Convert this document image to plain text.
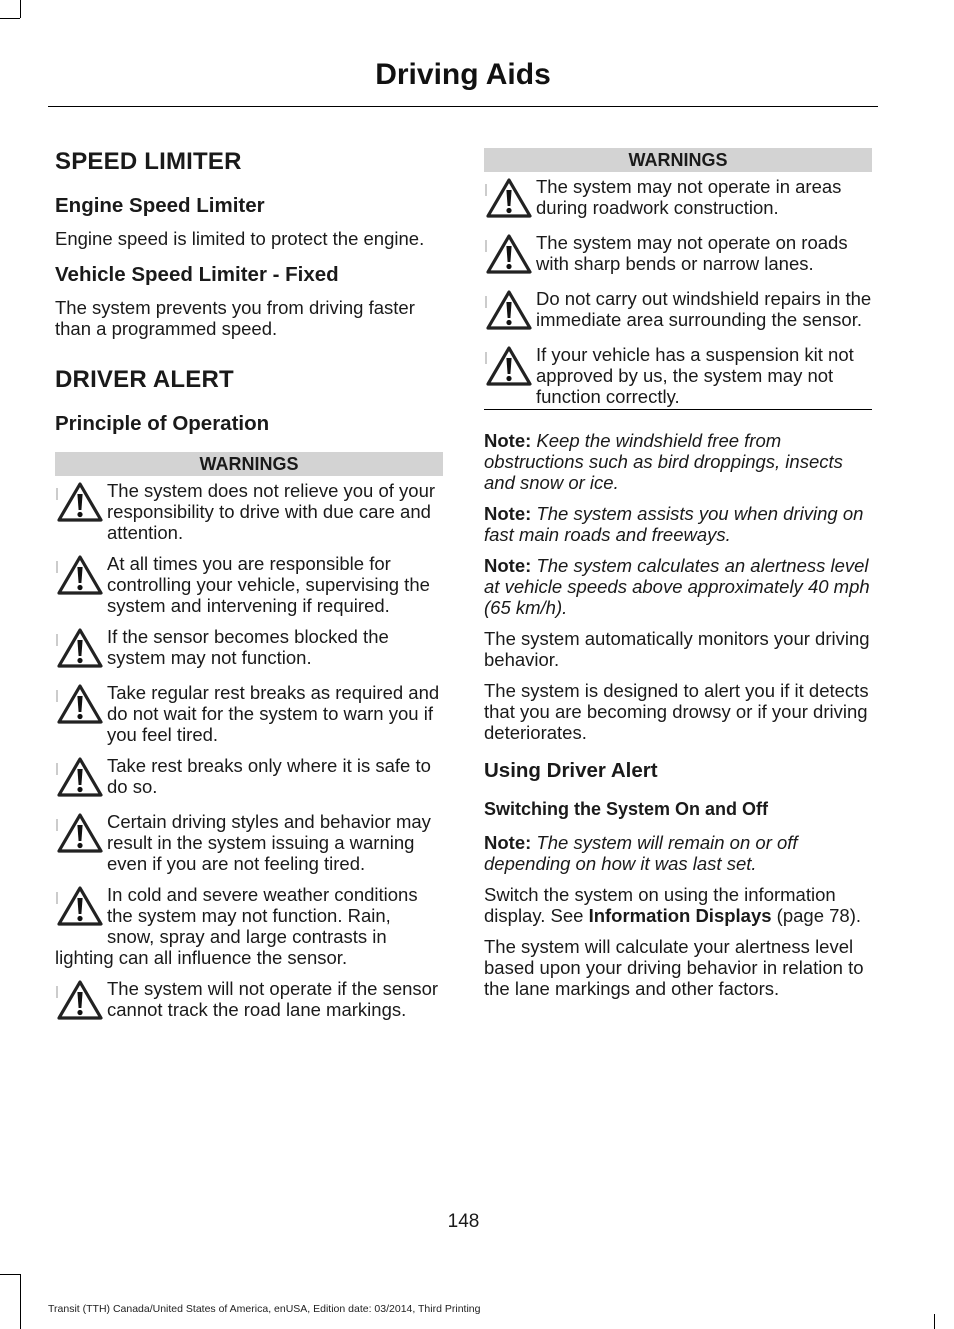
Driving Aids
SPEED LIMITER
Engine Speed Limiter

Engine speed is limited to protect the engine.

Vehicle Speed Limiter - Fixed

The system prevents you from driving faster than a programmed speed.

DRIVER ALERT
Principle of Operation
WARNINGS
The system does not relieve you of your responsibility to drive with due care and attention.
At all times you are responsible for controlling your vehicle, supervising the system and intervening if required.
If the sensor becomes blocked the system may not function.
Take regular rest breaks as required and do not wait for the system to warn you if you feel tired.
Take rest breaks only where it is safe to do so.
Certain driving styles and behavior may result in the system issuing a warning even if you are not feeling tired.
In cold and severe weather conditions the system may not function. Rain, snow, spray and large contrasts in lighting can all influence the sensor.
The system will not operate if the sensor cannot track the road lane markings.
WARNINGS
The system may not operate in areas during roadwork construction.
The system may not operate on roads with sharp bends or narrow lanes.
Do not carry out windshield repairs in the immediate area surrounding the sensor.
If your vehicle has a suspension kit not approved by us, the system may not function correctly.

Note: Keep the windshield free from obstructions such as bird droppings, insects and snow or ice.

Note: The system assists you when driving on fast main roads and freeways.

Note: The system calculates an alertness level at vehicle speeds above approximately 40 mph (65 km/h).

The system automatically monitors your driving behavior.

The system is designed to alert you if it detects that you are becoming drowsy or if your driving deteriorates.

Using Driver Alert
Switching the System On and Off

Note: The system will remain on or off depending on how it was last set.

Switch the system on using the information display. See Information Displays (page 78).

The system will calculate your alertness level based upon your driving behavior in relation to the lane markings and other factors.

148
Transit (TTH) Canada/United States of America, enUSA, Edition date: 03/2014, Third Printing
